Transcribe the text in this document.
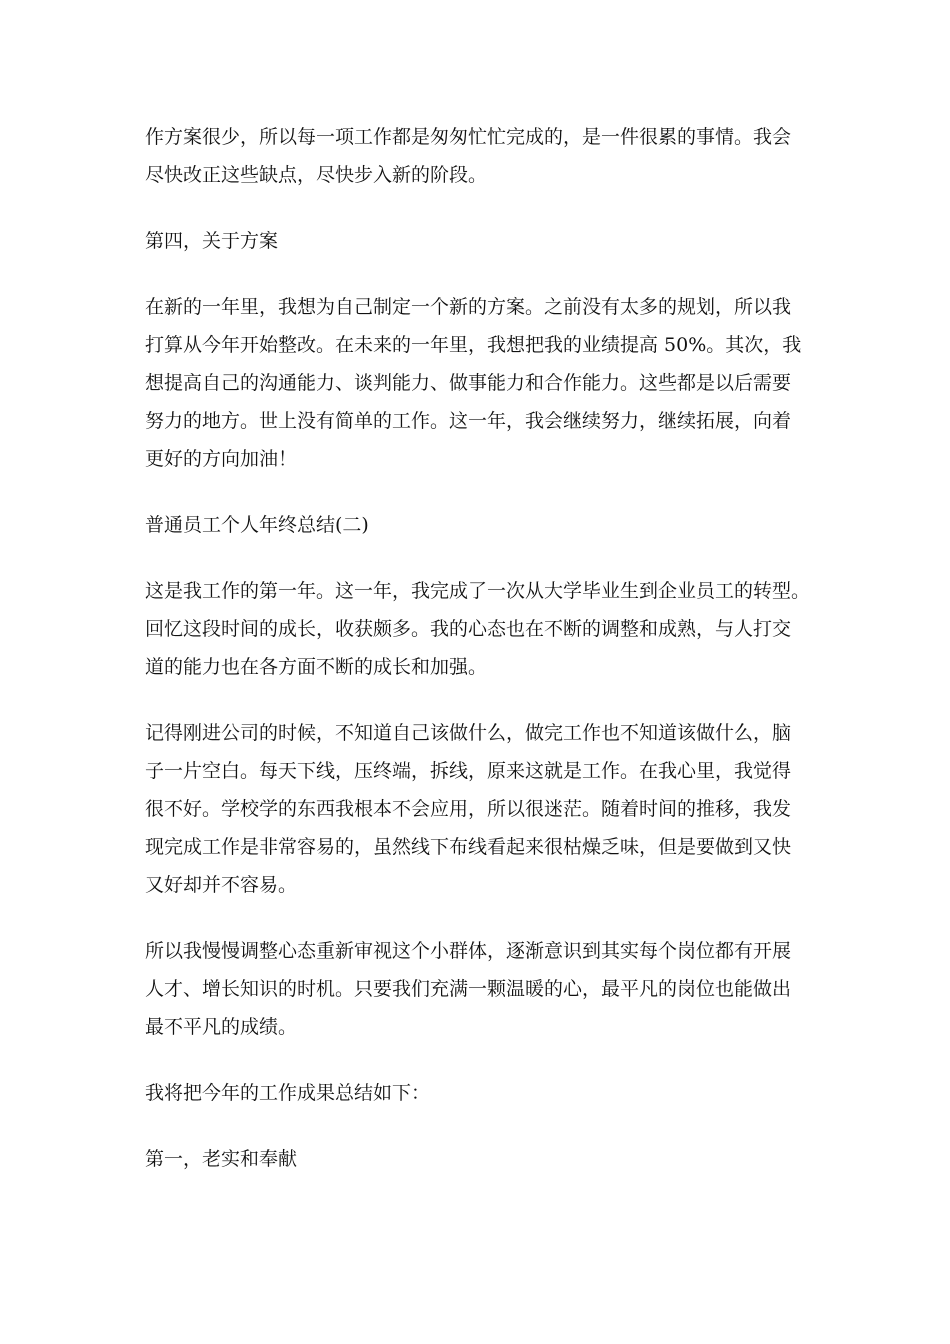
作方案很少，所以每一项工作都是匆匆忙忙完成的，是一件很累的事情。我会
尽快改正这些缺点，尽快步入新的阶段。
第四，关于方案
在新的一年里，我想为自己制定一个新的方案。之前没有太多的规划，所以我
打算从今年开始整改。在未来的一年里，我想把我的业绩提高 50%。其次，我
想提高自己的沟通能力、谈判能力、做事能力和合作能力。这些都是以后需要
努力的地方。世上没有简单的工作。这一年，我会继续努力，继续拓展，向着
更好的方向加油！
普通员工个人年终总结(二)
这是我工作的第一年。这一年，我完成了一次从大学毕业生到企业员工的转型。
回忆这段时间的成长，收获颇多。我的心态也在不断的调整和成熟，与人打交
道的能力也在各方面不断的成长和加强。
记得刚进公司的时候，不知道自己该做什么，做完工作也不知道该做什么，脑
子一片空白。每天下线，压终端，拆线，原来这就是工作。在我心里，我觉得
很不好。学校学的东西我根本不会应用，所以很迷茫。随着时间的推移，我发
现完成工作是非常容易的，虽然线下布线看起来很枯燥乏味，但是要做到又快
又好却并不容易。
所以我慢慢调整心态重新审视这个小群体，逐渐意识到其实每个岗位都有开展
人才、增长知识的时机。只要我们充满一颗温暖的心，最平凡的岗位也能做出
最不平凡的成绩。
我将把今年的工作成果总结如下：
第一，老实和奉献
